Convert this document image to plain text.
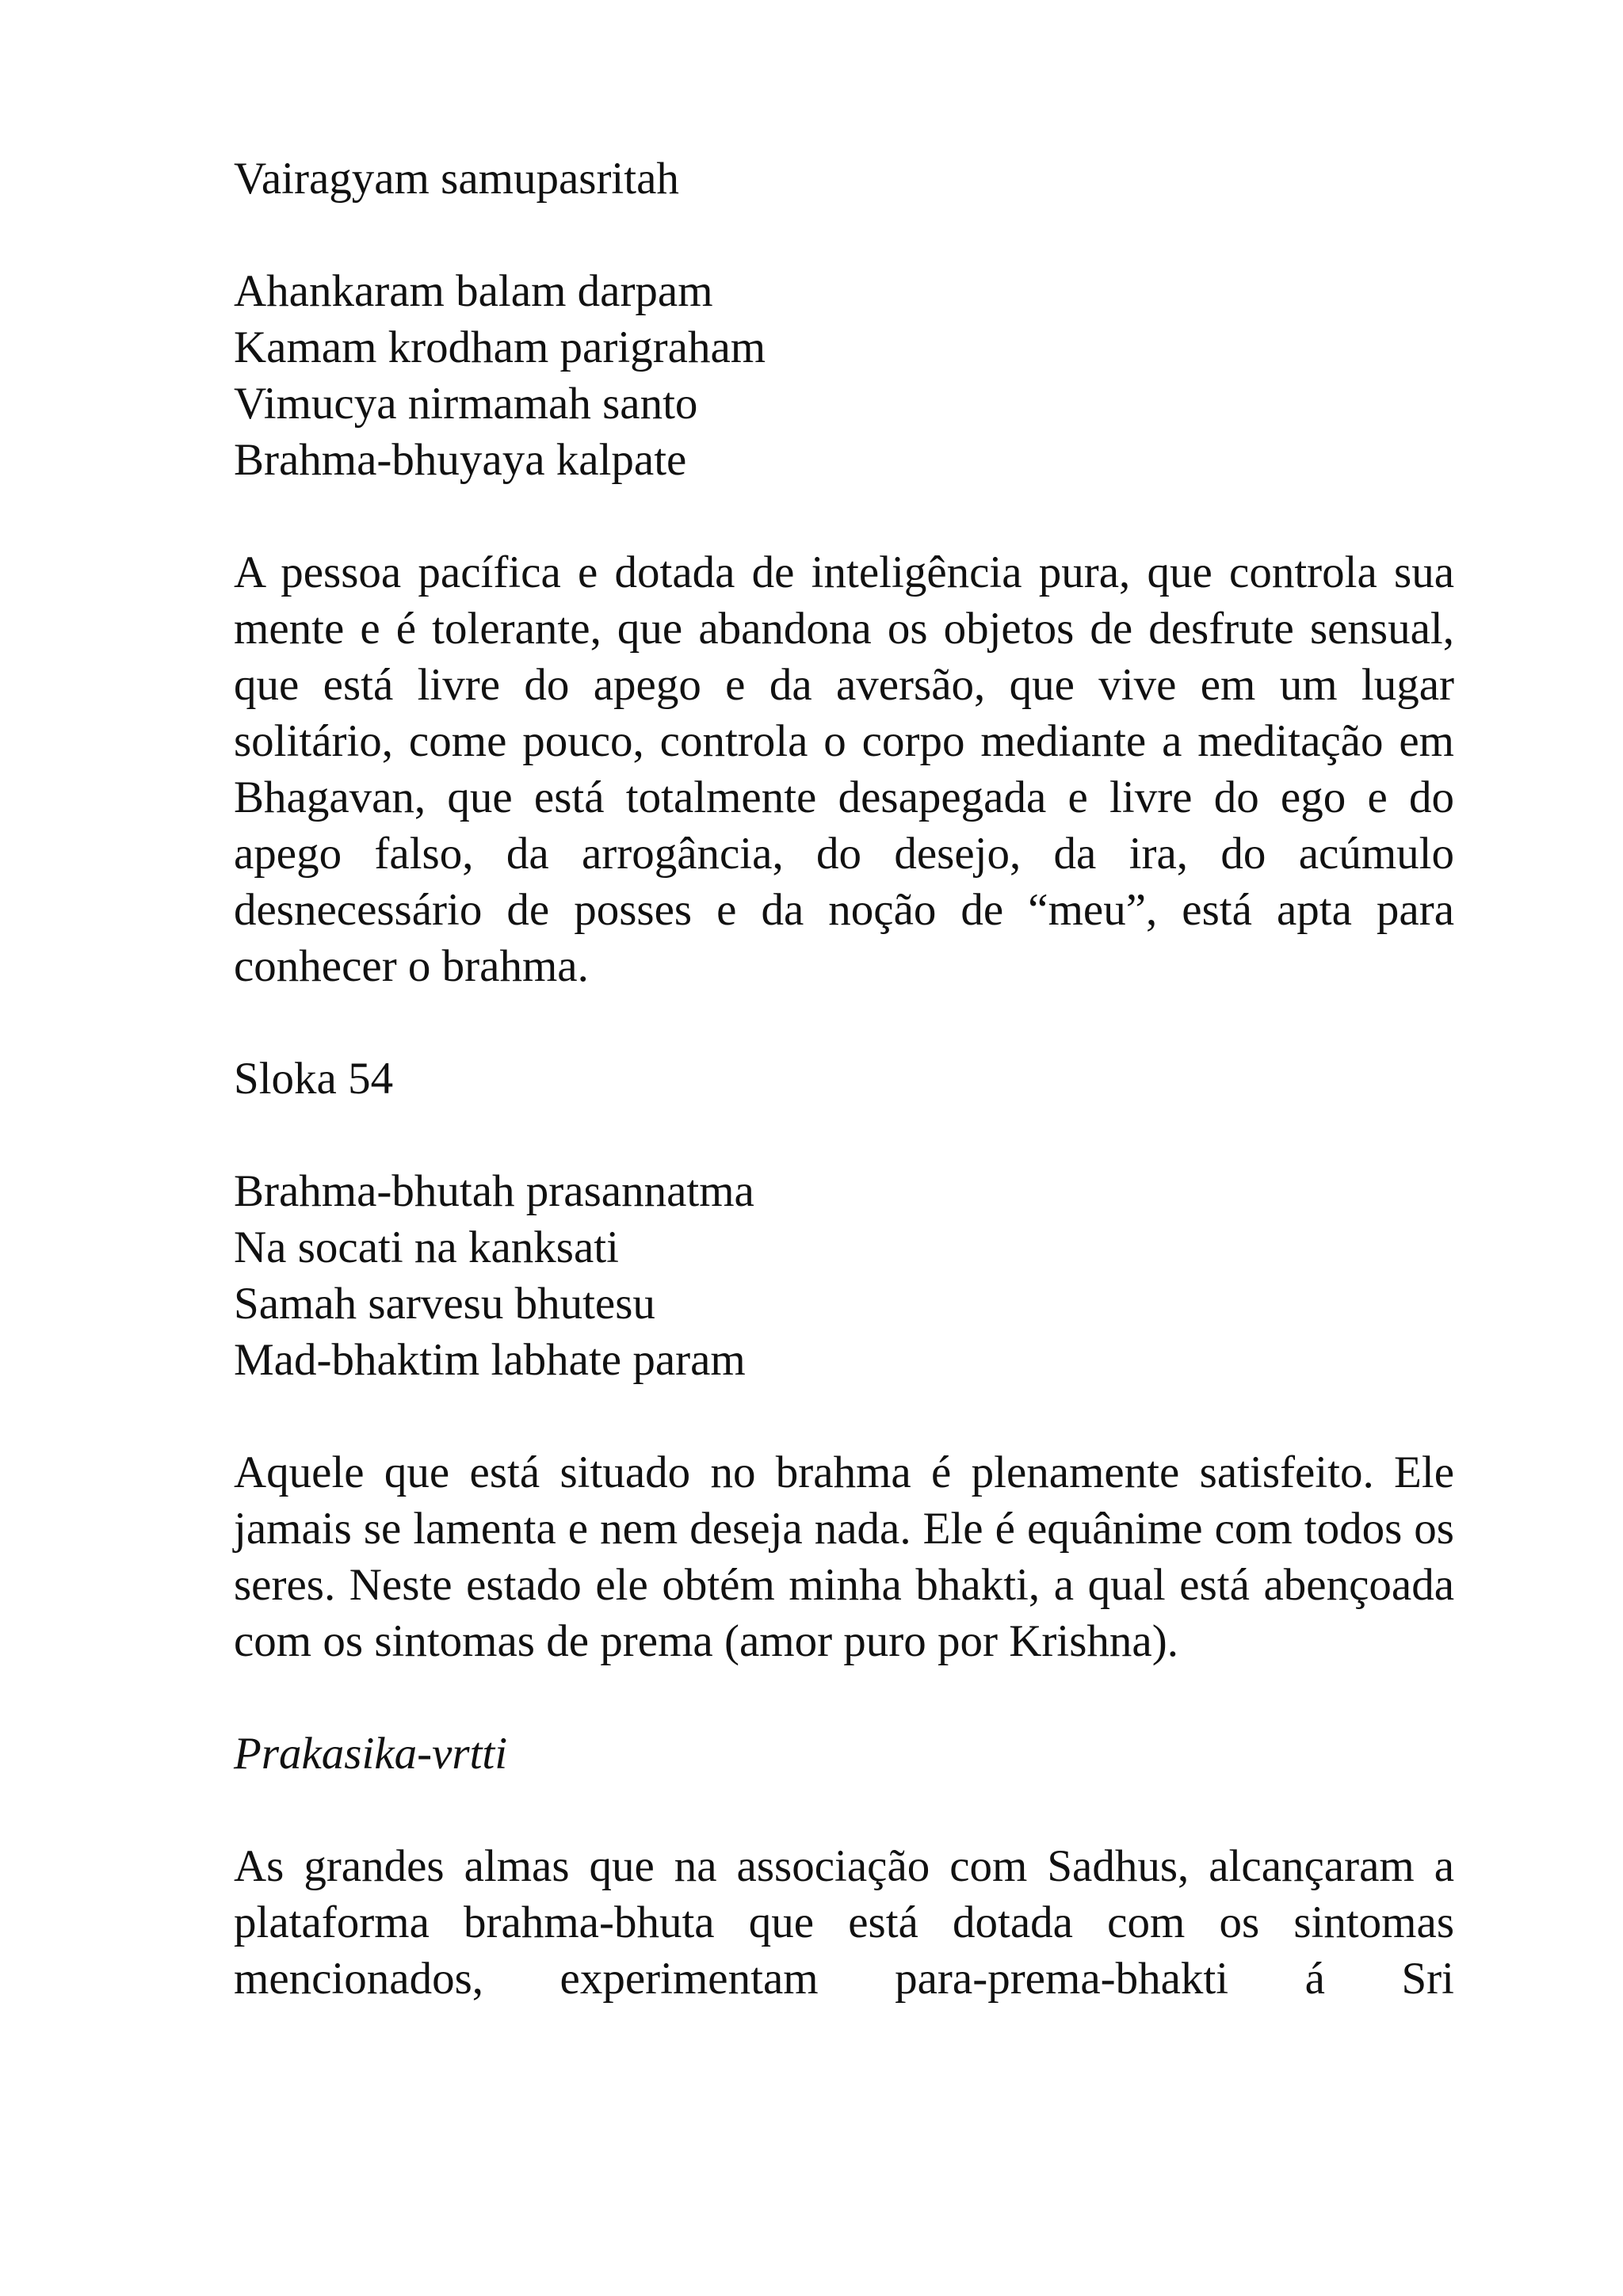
Vairagyam samupasritah
Ahankaram balam darpam
Kamam krodham parigraham
Vimucya nirmamah santo
Brahma-bhuyaya kalpate

A pessoa pacífica e dotada de inteligência pura, que controla sua mente e é tolerante, que abandona os objetos de desfrute sensual, que está livre do apego e da aversão, que vive em um lugar solitário, come pouco, controla o corpo mediante a meditação em Bhagavan, que está totalmente desapegada e livre do ego e do apego falso, da arrogância, do desejo, da ira, do acúmulo desnecessário de posses e da noção de “meu”, está apta para conhecer o brahma.

Sloka 54
Brahma-bhutah prasannatma
Na socati na kanksati
Samah sarvesu bhutesu
Mad-bhaktim labhate param

Aquele que está situado no brahma é plenamente satisfeito. Ele jamais se lamenta e nem deseja nada. Ele é equânime com todos os seres. Neste estado ele obtém minha bhakti, a qual está abençoada com os sintomas de prema (amor puro por Krishna).

Prakasika-vrtti

As grandes almas que na associação com Sadhus, alcançaram a plataforma brahma-bhuta que está dotada com os sintomas mencionados, experimentam para-prema-bhakti á Sri
